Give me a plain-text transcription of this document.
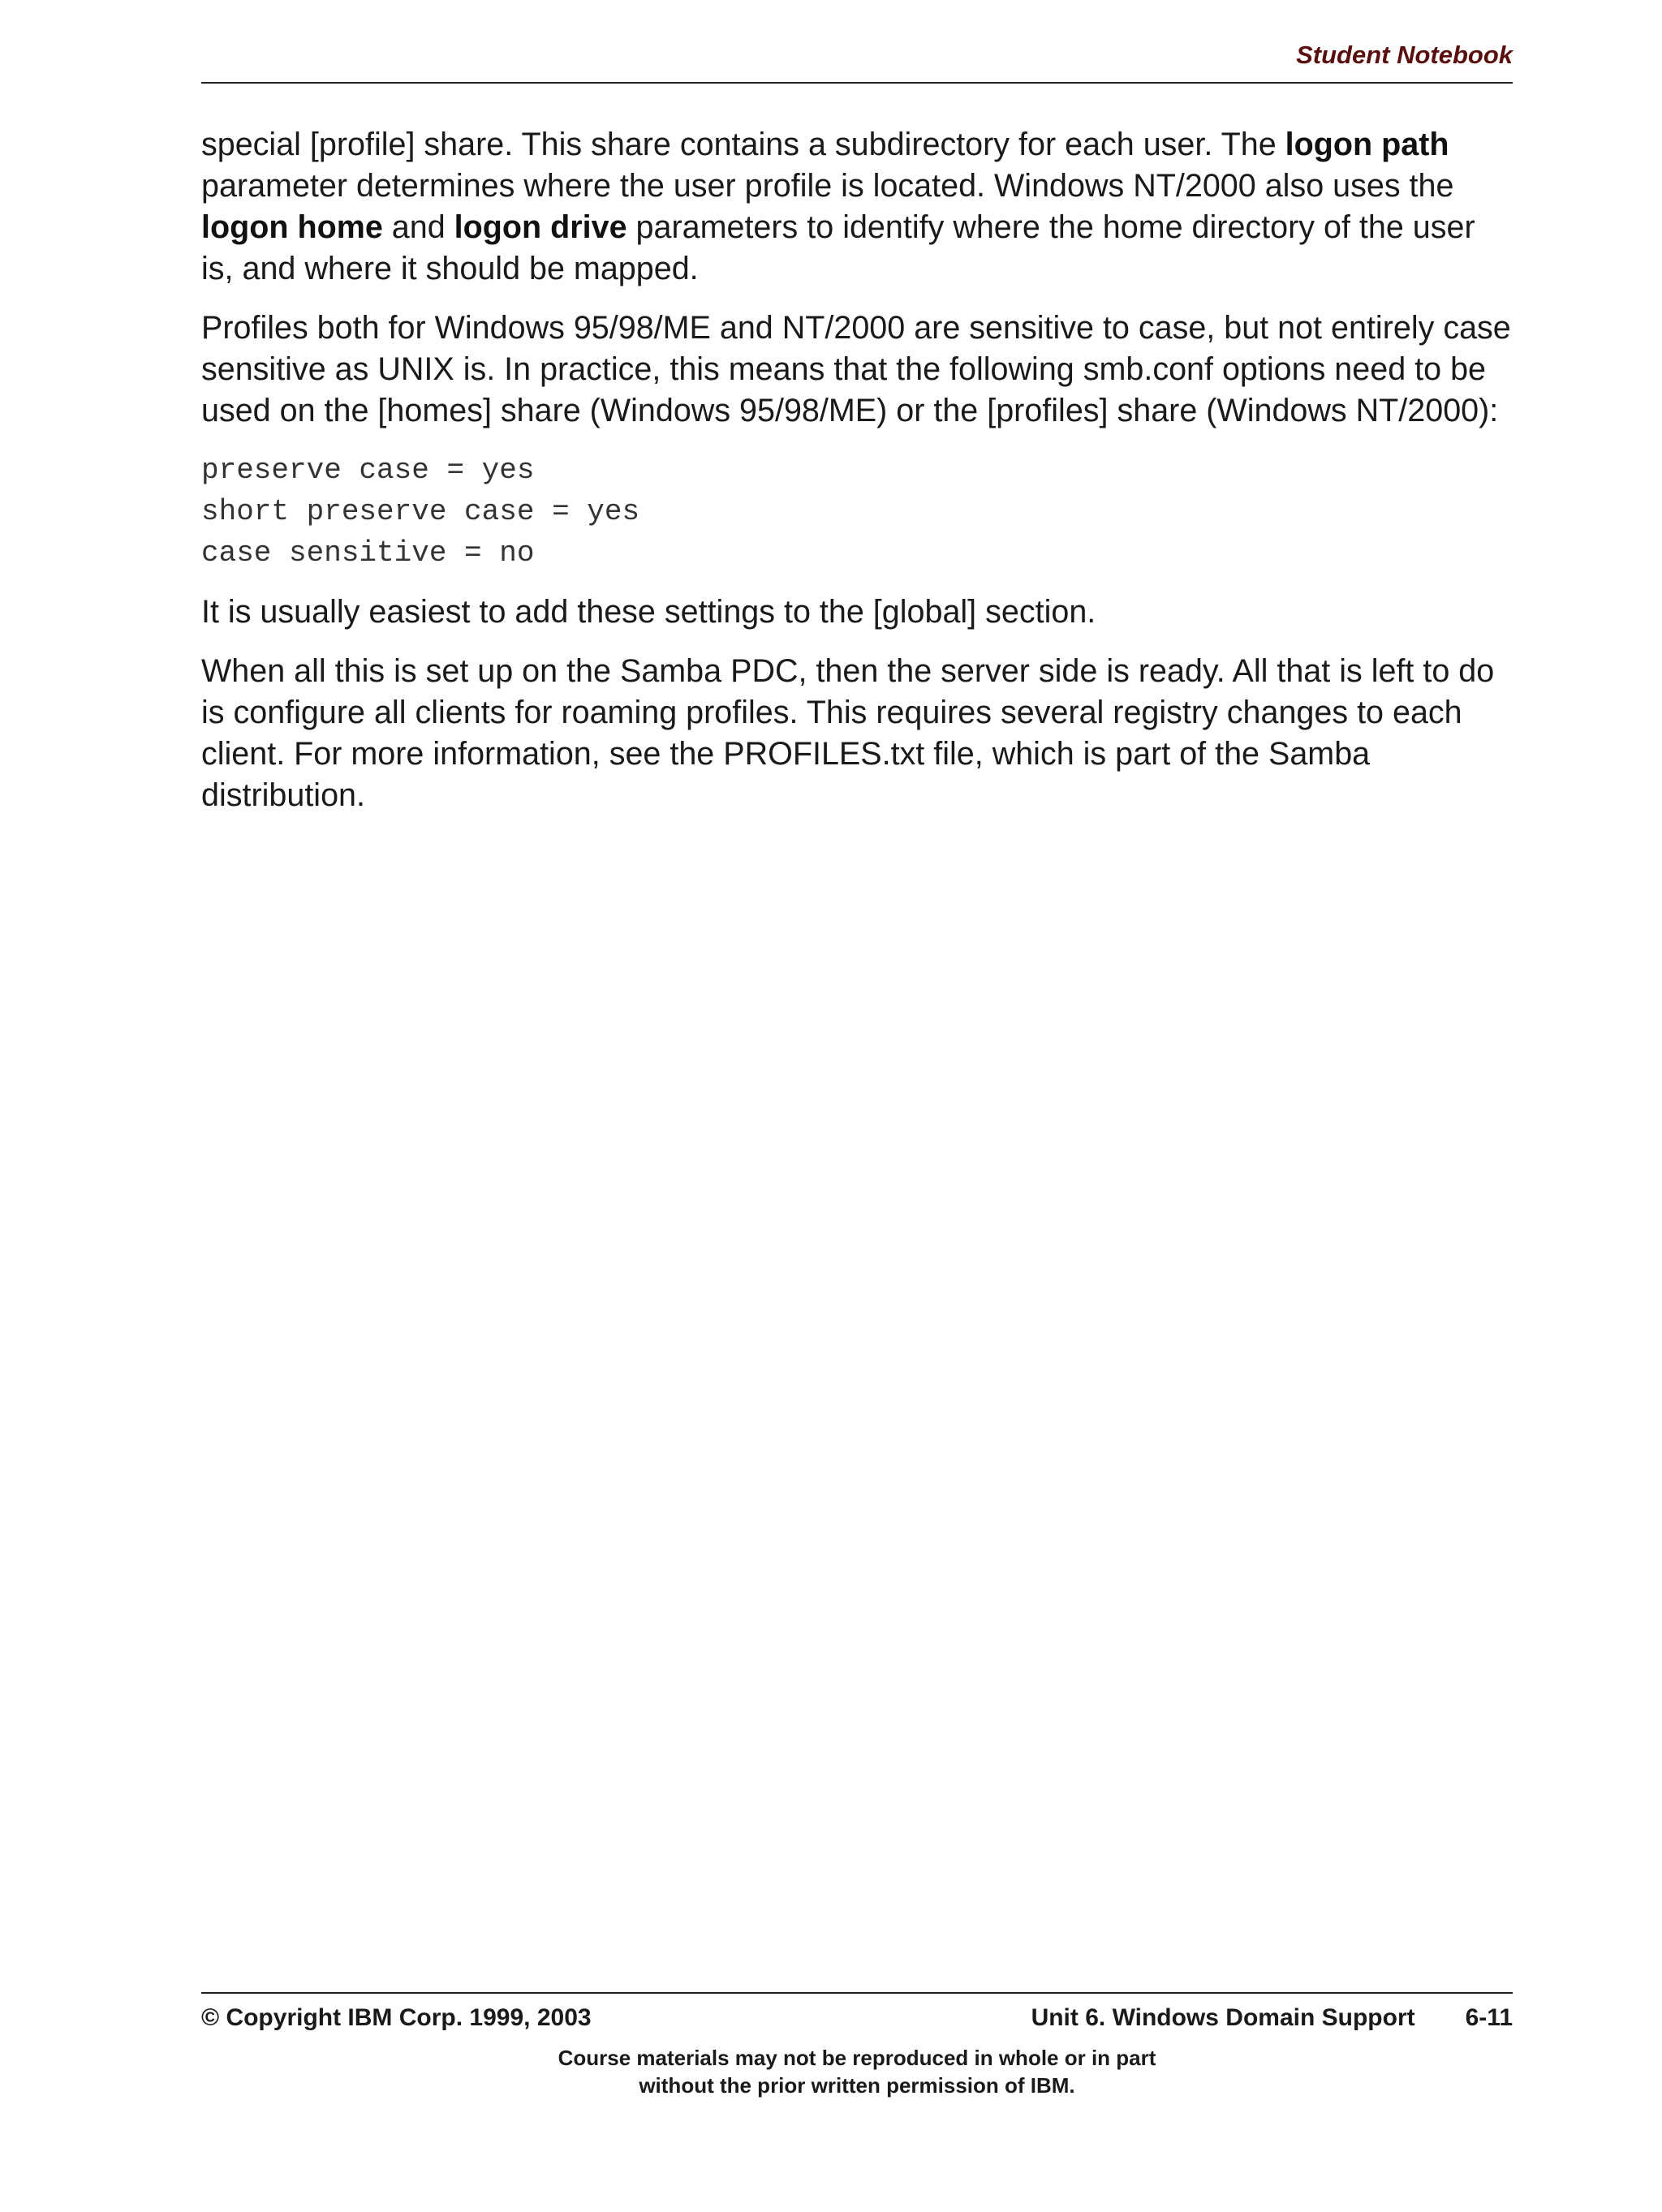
Student Notebook

special [profile] share. This share contains a subdirectory for each user. The logon path parameter determines where the user profile is located. Windows NT/2000 also uses the logon home and logon drive parameters to identify where the home directory of the user is, and where it should be mapped.

Profiles both for Windows 95/98/ME and NT/2000 are sensitive to case, but not entirely case sensitive as UNIX is. In practice, this means that the following smb.conf options need to be used on the [homes] share (Windows 95/98/ME) or the [profiles] share (Windows NT/2000):

preserve case = yes
short preserve case = yes
case sensitive = no

It is usually easiest to add these settings to the [global] section.

When all this is set up on the Samba PDC, then the server side is ready. All that is left to do is configure all clients for roaming profiles. This requires several registry changes to each client. For more information, see the PROFILES.txt file, which is part of the Samba distribution.

© Copyright IBM Corp. 1999, 2003	Unit 6. Windows Domain Support 6-11
Course materials may not be reproduced in whole or in part
without the prior written permission of IBM.
